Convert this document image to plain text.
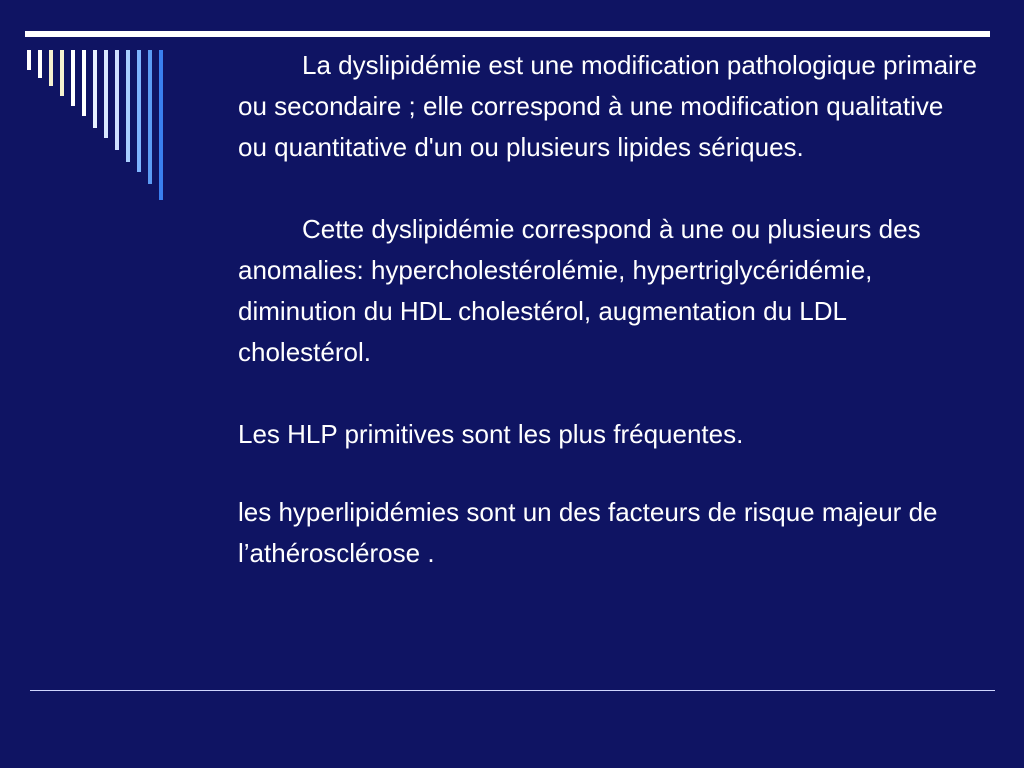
La dyslipidémie est une modification pathologique primaire ou secondaire ; elle correspond à une modification qualitative ou quantitative d'un ou plusieurs lipides sériques.

Cette dyslipidémie correspond à une ou plusieurs des anomalies: hypercholestérolémie, hypertriglycéridémie, diminution du HDL cholestérol, augmentation du LDL cholestérol.

Les HLP primitives sont les plus fréquentes.

les hyperlipidémies sont un des facteurs de risque majeur de l’athérosclérose .
